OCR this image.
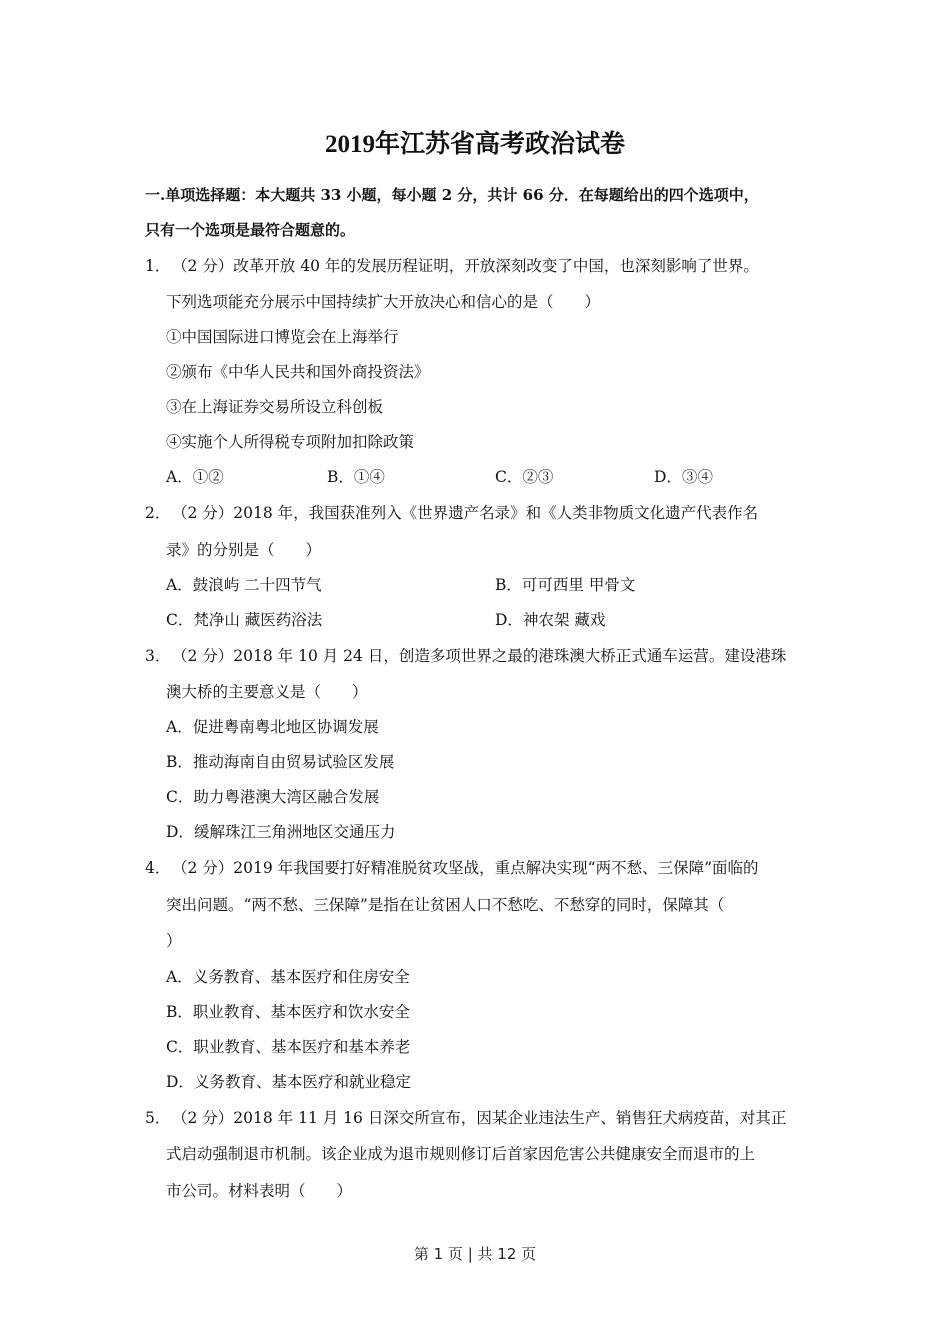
2019年江苏省高考政治试卷
一.单项选择题：本大题共 33 小题，每小题 2 分，共计 66 分．在每题给出的四个选项中，
只有一个选项是最符合题意的。
1． （2 分）改革开放 40 年的发展历程证明，开放深刻改变了中国，也深刻影响了世界。
下列选项能充分展示中国持续扩大开放决心和信心的是（　　）
①中国国际进口博览会在上海举行
②颁布《中华人民共和国外商投资法》
③在上海证券交易所设立科创板
④实施个人所得税专项附加扣除政策
A．①②	B．①④	C．②③	D．③④
2． （2 分）2018 年，我国获准列入《世界遗产名录》和《人类非物质文化遗产代表作名
录》的分别是（　　）
A．鼓浪屿 二十四节气	B．可可西里 甲骨文
C．梵净山 藏医药浴法	D．神农架 藏戏
3． （2 分）2018 年 10 月 24 日，创造多项世界之最的港珠澳大桥正式通车运营。建设港珠
澳大桥的主要意义是（　　）
A．促进粤南粤北地区协调发展
B．推动海南自由贸易试验区发展
C．助力粤港澳大湾区融合发展
D．缓解珠江三角洲地区交通压力
4． （2 分）2019 年我国要打好精准脱贫攻坚战，重点解决实现“两不愁、三保障”面临的
突出问题。“两不愁、三保障”是指在让贫困人口不愁吃、不愁穿的同时，保障其（
）
A．义务教育、基本医疗和住房安全
B．职业教育、基本医疗和饮水安全
C．职业教育、基本医疗和基本养老
D．义务教育、基本医疗和就业稳定
5． （2 分）2018 年 11 月 16 日深交所宣布，因某企业违法生产、销售狂犬病疫苗，对其正
式启动强制退市机制。该企业成为退市规则修订后首家因危害公共健康安全而退市的上
市公司。材料表明（　　）
第 1 页 | 共 12 页
